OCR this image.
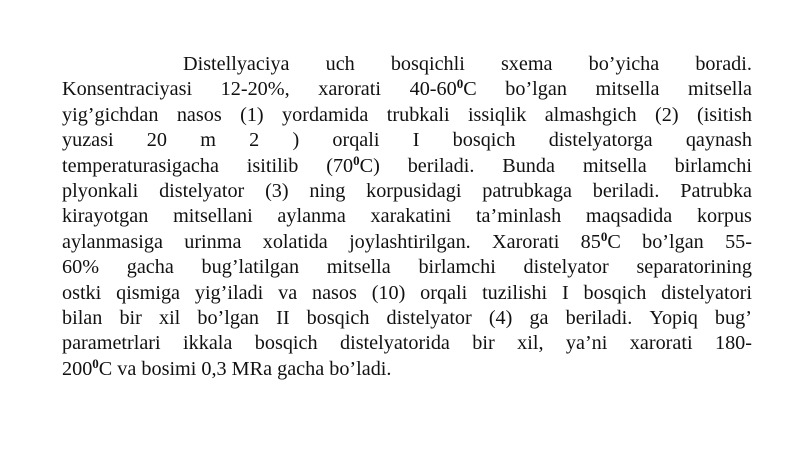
Distellyaciya uch bosqichli sxema bo’yicha boradi.
Konsentraciyasi 12-20%, xarorati $40-60^0C$ bo’lgan mitsella mitsella
yig’gichdan nasos (1) yordamida trubkali issiqlik almashgich (2) (isitish
yuzasi 20 m 2 ) orqali I bosqich distelyatorga qaynash
temperaturasigacha isitilib $(70^0C)$ beriladi. Bunda mitsella birlamchi
plyonkali distelyator (3) ning korpusidagi patrubkaga beriladi. Patrubka
kirayotgan mitsellani aylanma xarakatini ta’minlash maqsadida korpus
aylanmasiga urinma xolatida joylashtirilgan. Xarorati $85^0C$ bo’lgan 55-
60% gacha bug’latilgan mitsella birlamchi distelyator separatorining
ostki qismiga yig’iladi va nasos (10) orqali tuzilishi I bosqich distelyatori
bilan bir xil bo’lgan II bosqich distelyator (4) ga beriladi. Yopiq bug’
parametrlari ikkala bosqich distelyatorida bir xil, ya’ni xarorati 180-
$200^0C$ va bosimi 0,3 MRa gacha bo’ladi.
